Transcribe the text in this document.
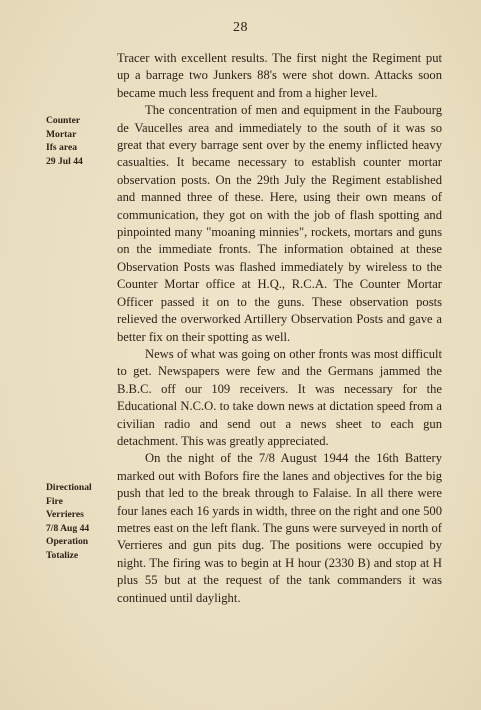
28
Counter
Mortar
Ifs area
29 Jul 44
Directional
Fire
Verrieres
7/8 Aug 44
Operation
Totalize

Tracer with excellent results. The first night the Regiment put up a barrage two Junkers 88's were shot down. Attacks soon became much less frequent and from a higher level.

The concentration of men and equipment in the Faubourg de Vaucelles area and immediately to the south of it was so great that every barrage sent over by the enemy inflicted heavy casualties. It became necessary to establish counter mortar observation posts. On the 29th July the Regiment established and manned three of these. Here, using their own means of communication, they got on with the job of flash spotting and pinpointed many "moaning minnies", rockets, mortars and guns on the immediate fronts. The information obtained at these Observation Posts was flashed immediately by wireless to the Counter Mortar office at H.Q., R.C.A. The Counter Mortar Officer passed it on to the guns. These observation posts relieved the overworked Artillery Observation Posts and gave a better fix on their spotting as well.

News of what was going on other fronts was most difficult to get. Newspapers were few and the Germans jammed the B.B.C. off our 109 receivers. It was necessary for the Educational N.C.O. to take down news at dictation speed from a civilian radio and send out a news sheet to each gun detachment. This was greatly appreciated.

On the night of the 7/8 August 1944 the 16th Battery marked out with Bofors fire the lanes and objectives for the big push that led to the break through to Falaise. In all there were four lanes each 16 yards in width, three on the right and one 500 metres east on the left flank. The guns were surveyed in north of Verrieres and gun pits dug. The positions were occupied by night. The firing was to begin at H hour (2330 B) and stop at H plus 55 but at the request of the tank commanders it was continued until daylight.
